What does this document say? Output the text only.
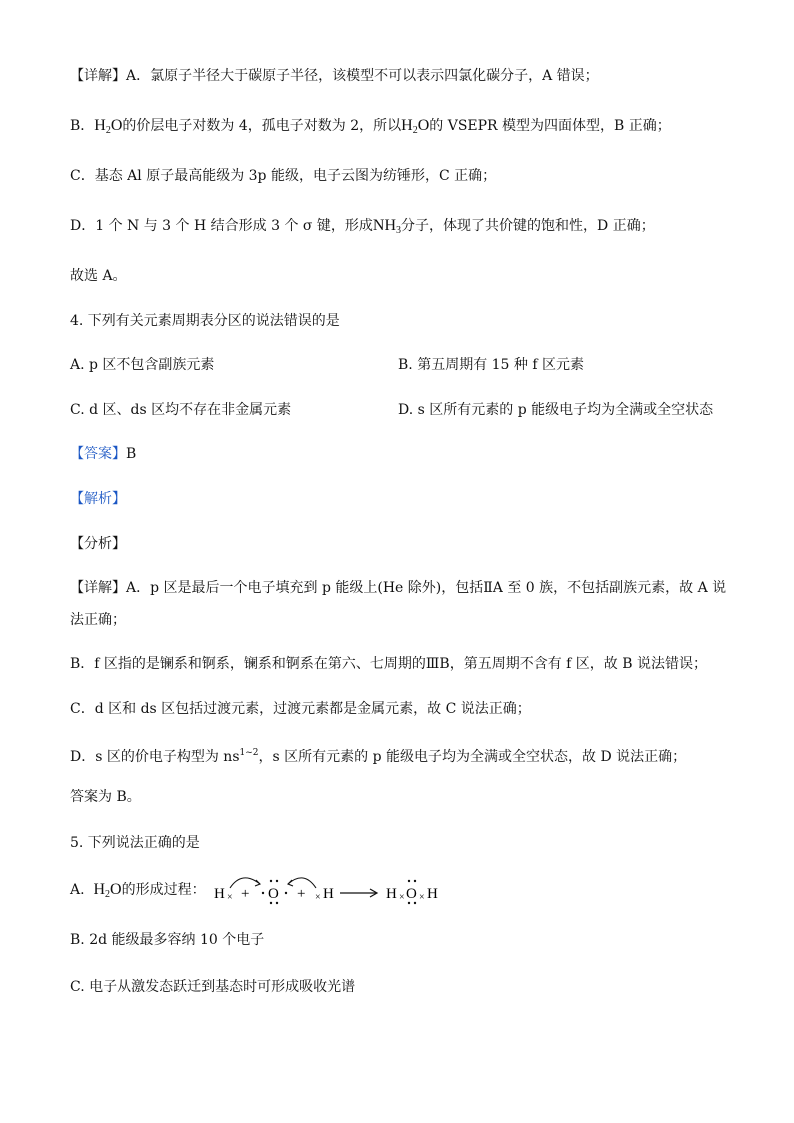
【详解】A．氯原子半径大于碳原子半径，该模型不可以表示四氯化碳分子，A 错误；
B．$H_2O$的价层电子对数为 4，孤电子对数为 2，所以$H_2O$的 VSEPR 模型为四面体型，B 正确；
C．基态 Al 原子最高能级为 3p 能级，电子云图为纺锤形，C 正确；
D．1 个 N 与 3 个 H 结合形成 3 个 σ 键，形成$NH_3$分子，体现了共价键的饱和性，D 正确；
故选 A。
4. 下列有关元素周期表分区的说法错误的是
A. p 区不包含副族元素	B. 第五周期有 15 种 f 区元素
C. d 区、ds 区均不存在非金属元素	D. s 区所有元素的 p 能级电子均为全满或全空状态
【答案】B
【解析】
【分析】
【详解】A．p 区是最后一个电子填充到 p 能级上(He 除外)，包括ⅡA 至 0 族，不包括副族元素，故 A 说
法正确；
B．f 区指的是镧系和锕系，镧系和锕系在第六、七周期的ⅢB，第五周期不含有 f 区，故 B 说法错误；
C．d 区和 ds 区包括过渡元素，过渡元素都是金属元素，故 C 说法正确；
D．s 区的价电子构型为 $ns^{1\sim 2}$，s 区所有元素的 p 能级电子均为全满或全空状态，故 D 说法正确；
答案为 B。
5. 下列说法正确的是
A. $H_2O$的形成过程： H × + O + × H	H × O × H
B. 2d 能级最多容纳 10 个电子
C. 电子从激发态跃迁到基态时可形成吸收光谱
